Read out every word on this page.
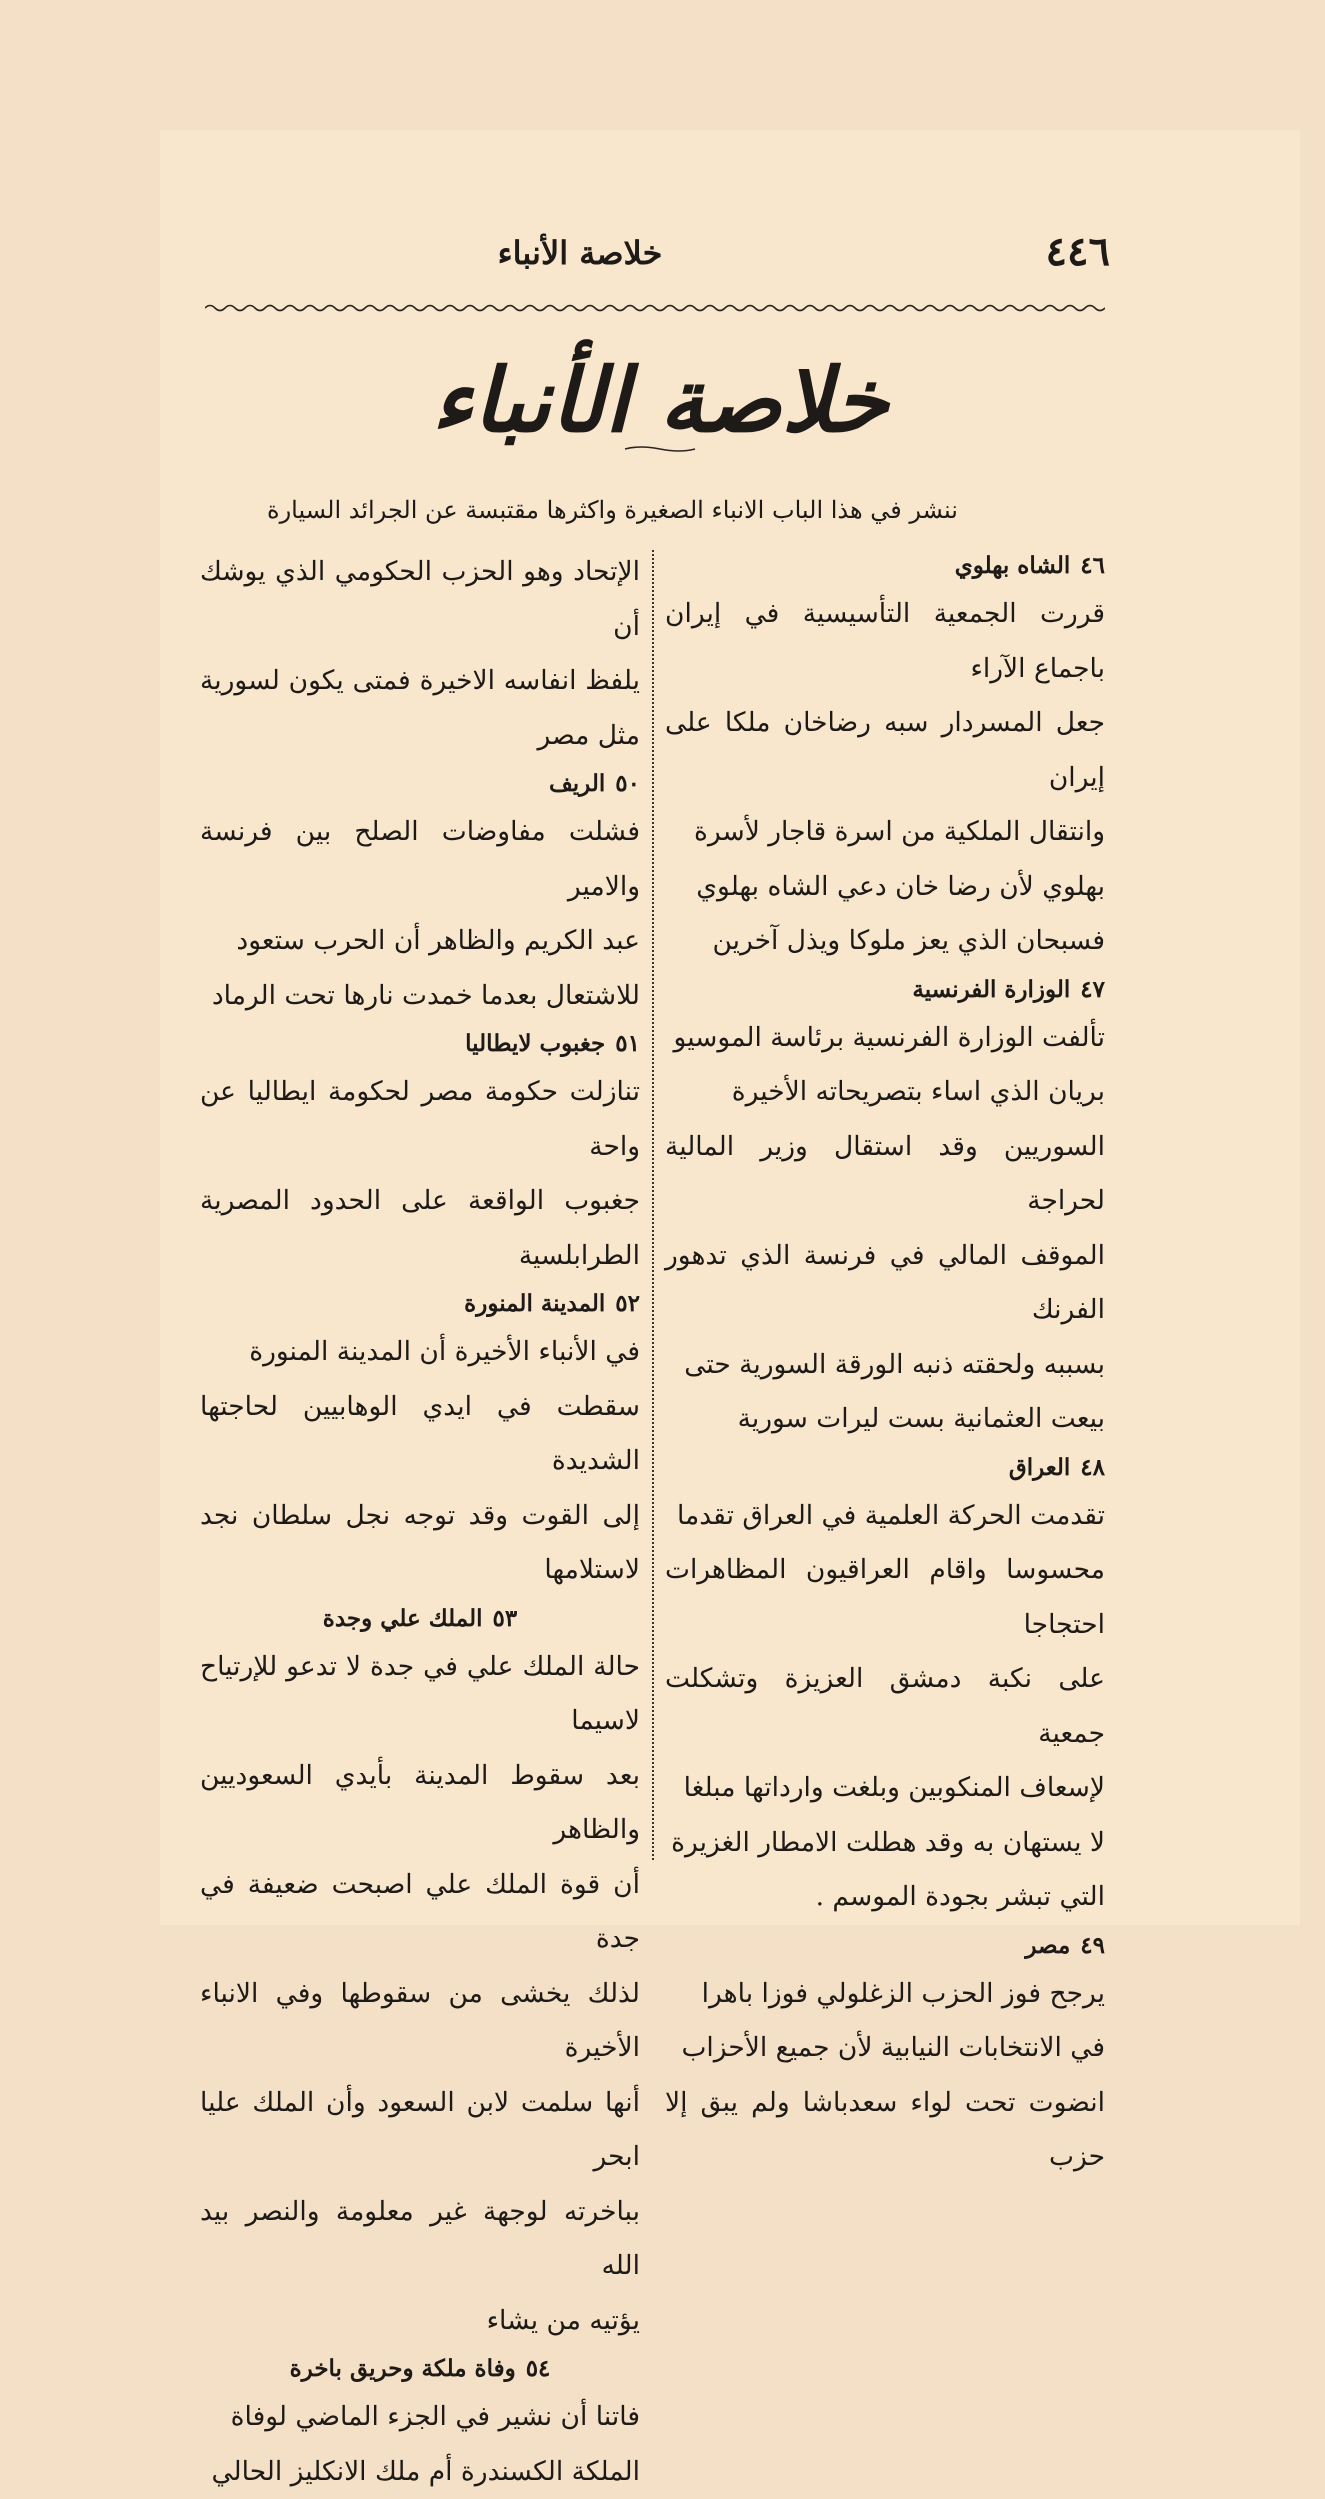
٤٤٦
خلاصة الأنباء
خلاصة الأنباء
ننشر في هذا الباب الانباء الصغيرة واكثرها مقتبسة عن الجرائد السيارة

٤٦الشاه بهلوي

قررت الجمعية التأسيسية في إيران باجماع الآراء

جعل المسردار سبه رضاخان ملكا على إيران

وانتقال الملكية من اسرة قاجار لأسرة

بهلوي لأن رضا خان دعي الشاه بهلوي

فسبحان الذي يعز ملوكا ويذل آخرين

٤٧الوزارة الفرنسية

تألفت الوزارة الفرنسية برئاسة الموسيو

بريان الذي اساء بتصريحاته الأخيرة

السوريين وقد استقال وزير المالية لحراجة

الموقف المالي في فرنسة الذي تدهور الفرنك

بسببه ولحقته ذنبه الورقة السورية حتى

بيعت العثمانية بست ليرات سورية

٤٨العراق

تقدمت الحركة العلمية في العراق تقدما

محسوسا واقام العراقيون المظاهرات احتجاجا

على نكبة دمشق العزيزة وتشكلت جمعية

لإسعاف المنكوبين وبلغت وارداتها مبلغا

لا يستهان به وقد هطلت الامطار الغزيرة

التي تبشر بجودة الموسم .

٤٩مصر

يرجح فوز الحزب الزغلولي فوزا باهرا

في الانتخابات النيابية لأن جميع الأحزاب

انضوت تحت لواء سعدباشا ولم يبق إلا حزب

الإتحاد وهو الحزب الحكومي الذي يوشك أن

يلفظ انفاسه الاخيرة فمتى يكون لسورية مثل مصر

٥٠الريف

فشلت مفاوضات الصلح بين فرنسة والامير

عبد الكريم والظاهر أن الحرب ستعود

للاشتعال بعدما خمدت نارها تحت الرماد

٥١جغبوب لايطاليا

تنازلت حكومة مصر لحكومة ايطاليا عن واحة

جغبوب الواقعة على الحدود المصرية الطرابلسية

٥٢المدينة المنورة

في الأنباء الأخيرة أن المدينة المنورة

سقطت في ايدي الوهابيين لحاجتها الشديدة

إلى القوت وقد توجه نجل سلطان نجد لاستلامها

٥٣الملك علي وجدة

حالة الملك علي في جدة لا تدعو للإرتياح لاسيما

بعد سقوط المدينة بأيدي السعوديين والظاهر

أن قوة الملك علي اصبحت ضعيفة في جدة

لذلك يخشى من سقوطها وفي الانباء الأخيرة

أنها سلمت لابن السعود وأن الملك عليا ابحر

بباخرته لوجهة غير معلومة والنصر بيد الله

يؤتيه من يشاء

٥٤وفاة ملكة وحريق باخرة

فاتنا أن نشير في الجزء الماضي لوفاة

الملكة الكسندرة أم ملك الانكليز الحالي
